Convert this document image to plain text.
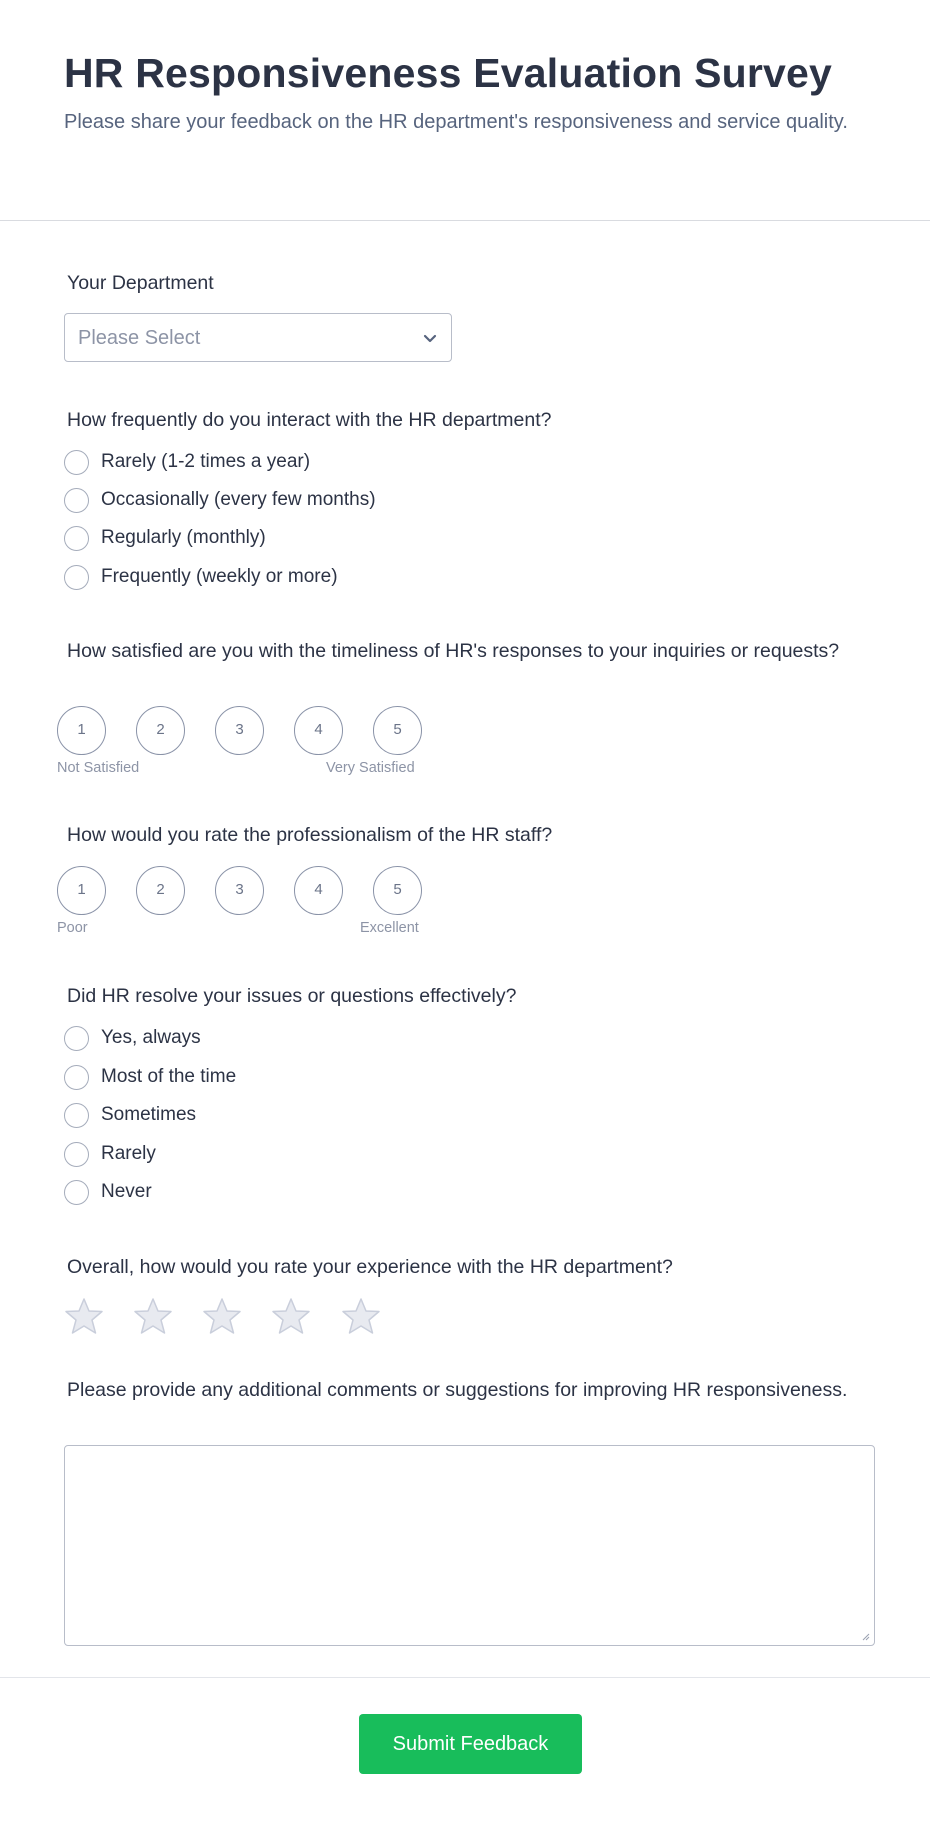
HR Responsiveness Evaluation Survey

Please share your feedback on the HR department's responsiveness and service quality.

Your Department
Please Select
How frequently do you interact with the HR department?
Rarely (1-2 times a year)
Occasionally (every few months)
Regularly (monthly)
Frequently (weekly or more)
How satisfied are you with the timeliness of HR's responses to your inquiries or requests?
1	2	3	4	5
Not Satisfied	Very Satisfied
How would you rate the professionalism of the HR staff?
1	2	3	4	5
Poor	Excellent
Did HR resolve your issues or questions effectively?
Yes, always
Most of the time
Sometimes
Rarely
Never
Overall, how would you rate your experience with the HR department?
Please provide any additional comments or suggestions for improving HR responsiveness.
Submit Feedback
